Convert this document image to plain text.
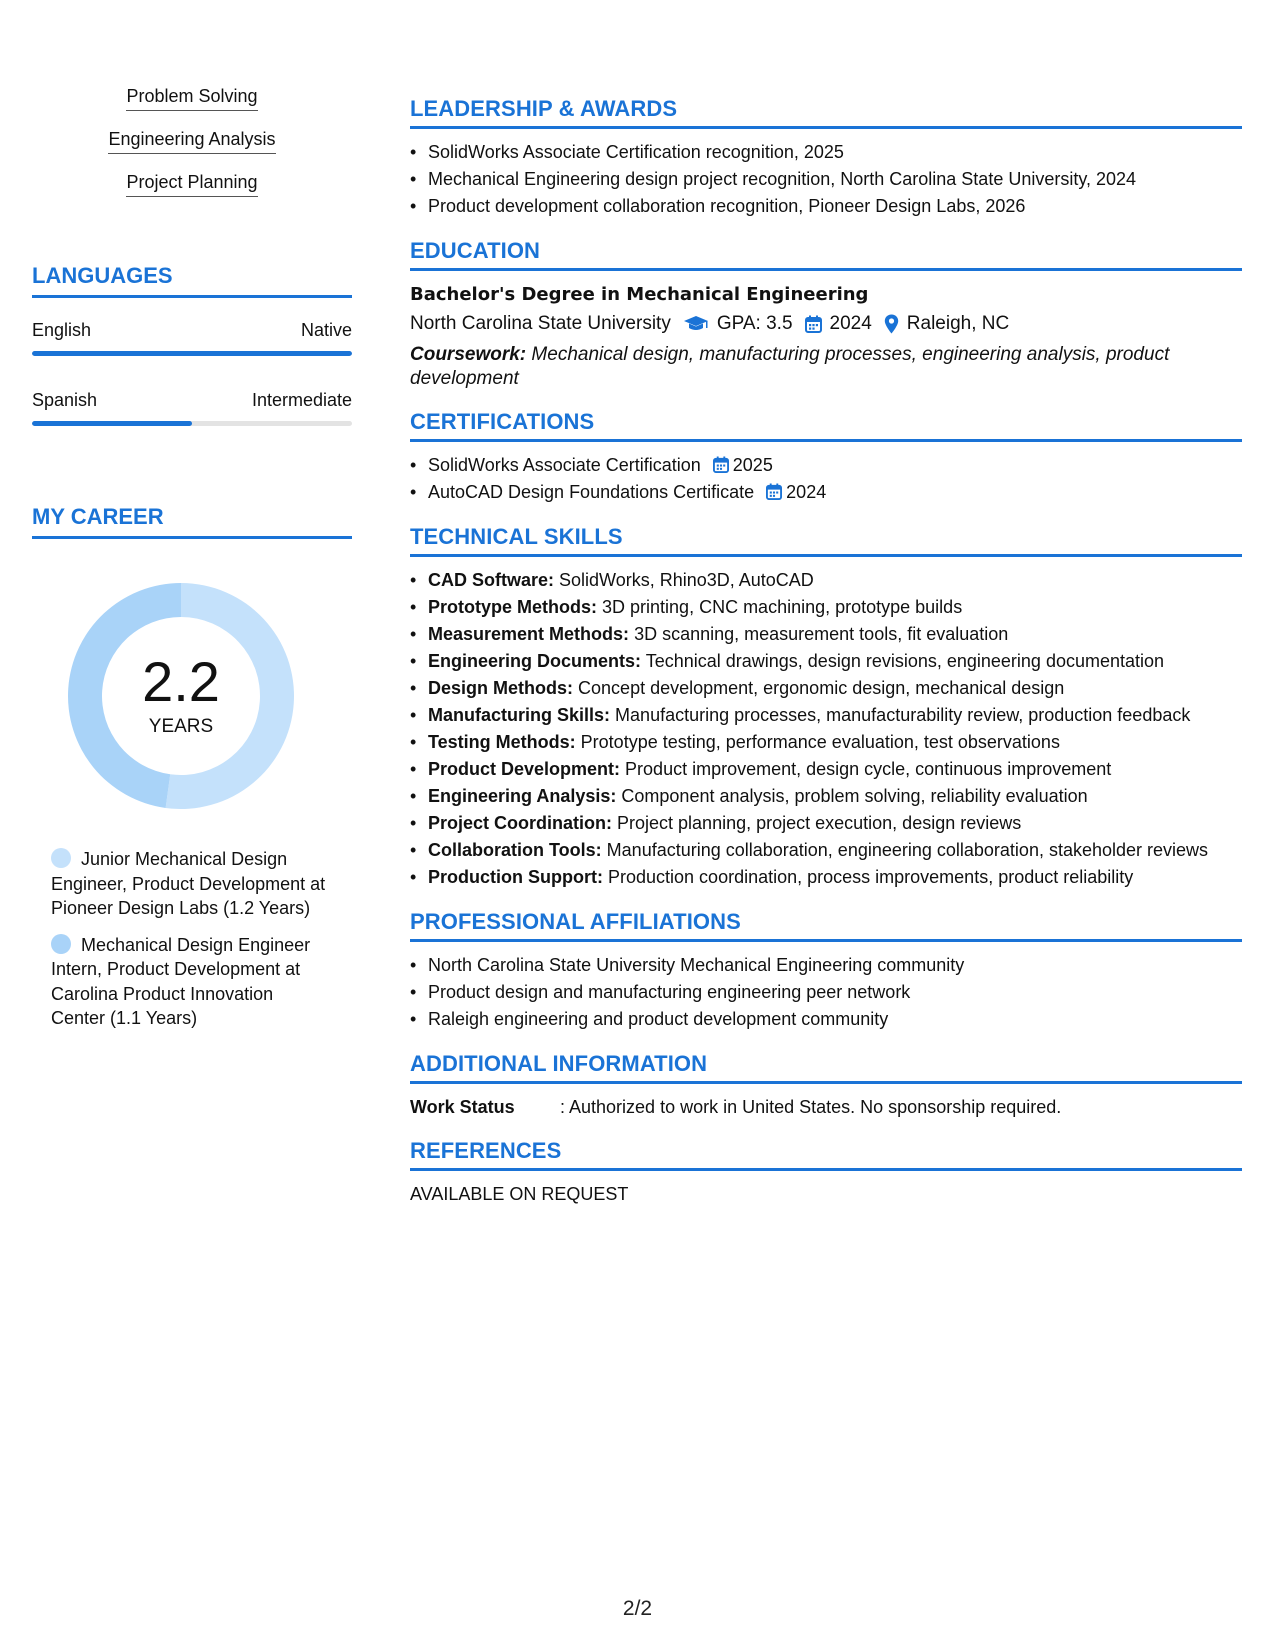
Problem Solving
Engineering Analysis
Project Planning
LANGUAGES
English	Native
Spanish	Intermediate
MY CAREER
2.2
YEARS
Junior Mechanical Design Engineer, Product Development at Pioneer Design Labs (1.2 Years)
Mechanical Design Engineer Intern, Product Development at Carolina Product Innovation Center (1.1 Years)
LEADERSHIP & AWARDS
• SolidWorks Associate Certification recognition, 2025
• Mechanical Engineering design project recognition, North Carolina State University, 2024
• Product development collaboration recognition, Pioneer Design Labs, 2026
EDUCATION
Bachelor's Degree in Mechanical Engineering
North Carolina State University GPA: 3.5 2024 Raleigh, NC
Coursework: Mechanical design, manufacturing processes, engineering analysis, product development
CERTIFICATIONS
• SolidWorks Associate Certification 2025
• AutoCAD Design Foundations Certificate 2024
TECHNICAL SKILLS
• CAD Software: SolidWorks, Rhino3D, AutoCAD
• Prototype Methods: 3D printing, CNC machining, prototype builds
• Measurement Methods: 3D scanning, measurement tools, fit evaluation
• Engineering Documents: Technical drawings, design revisions, engineering documentation
• Design Methods: Concept development, ergonomic design, mechanical design
• Manufacturing Skills: Manufacturing processes, manufacturability review, production feedback
• Testing Methods: Prototype testing, performance evaluation, test observations
• Product Development: Product improvement, design cycle, continuous improvement
• Engineering Analysis: Component analysis, problem solving, reliability evaluation
• Project Coordination: Project planning, project execution, design reviews
• Collaboration Tools: Manufacturing collaboration, engineering collaboration, stakeholder reviews
• Production Support: Production coordination, process improvements, product reliability
PROFESSIONAL AFFILIATIONS
• North Carolina State University Mechanical Engineering community
• Product design and manufacturing engineering peer network
• Raleigh engineering and product development community
ADDITIONAL INFORMATION
Work Status	: Authorized to work in United States. No sponsorship required.
REFERENCES
AVAILABLE ON REQUEST
2/2
